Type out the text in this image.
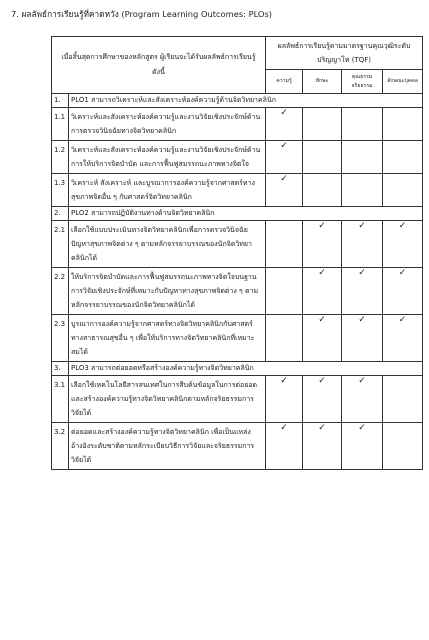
7. ผลลัพธ์การเรียนรู้ที่คาดหวัง (Program Learning Outcomes: PLOs)
เมื่อสิ้นสุดการศึกษาของหลักสูตร ผู้เรียนจะได้รับผลลัพธ์การเรียนรู้ ดังนี้		ผลลัพธ์การเรียนรู้ตามมาตรฐานคุณวุฒิระดับปริญญาโท (TQF)			
		ความรู้	ทักษะ	คุณธรรม จริยธรรม	ลักษณะบุคคล
1.	PLO1 สามารถวิเคราะห์และสังเคราะห์องค์ความรู้ด้านจิตวิทยาคลินิก				
1.1	วิเคราะห์และสังเคราะห์องค์ความรู้และงานวิจัยเชิงประจักษ์ด้านการตรวจวินิจฉัยทางจิตวิทยาคลินิก	✓			
1.2	วิเคราะห์และสังเคราะห์องค์ความรู้และงานวิจัยเชิงประจักษ์ด้านการให้บริการจิตบำบัด และการฟื้นฟูสมรรถนะภาพทางจิตใจ	✓			
1.3	วิเคราะห์ สังเคราะห์ และบูรณาการองค์ความรู้จากศาสตร์ทางสุขภาพจิตอื่น ๆ กับศาสตร์จิตวิทยาคลินิก	✓			
2.	PLO2 สามารถปฏิบัติงานทางด้านจิตวิทยาคลินิก				
2.1	เลือกใช้แบบประเมินทางจิตวิทยาคลินิกเพื่อการตรวจวินิจฉัยปัญหาสุขภาพจิตต่าง ๆ ตามหลักจรรยาบรรณของนักจิตวิทยาคลินิกได้		✓	✓	✓
2.2	ให้บริการจิตบำบัดและการฟื้นฟูสมรรถนะภาพทางจิตใจบนฐานการวิจัยเชิงประจักษ์ที่เหมาะกับปัญหาทางสุขภาพจิตต่าง ๆ ตามหลักจรรยาบรรณของนักจิตวิทยาคลินิกได้		✓	✓	✓
2.3	บูรณาการองค์ความรู้จากศาสตร์ทางจิตวิทยาคลินิกกับศาสตร์ทางสาธารณสุขอื่น ๆ เพื่อให้บริการทางจิตวิทยาคลินิกที่เหมาะสมได้		✓	✓	✓
3.	PLO3 สามารถต่อยอดหรือสร้างองค์ความรู้ทางจิตวิทยาคลินิก				
3.1	เลือกใช้เทคโนโลยีสารสนเทศในการสืบค้นข้อมูลในการต่อยอดและสร้างองค์ความรู้ทางจิตวิทยาคลินิกตามหลักจริยธรรมการวิจัยได้	✓	✓	✓	
3.2	ต่อยอดและสร้างองค์ความรู้ทางจิตวิทยาคลินิก เพื่อเป็นแหล่งอ้างอิงระดับชาติตามหลักระเบียบวิธีการวิจัยและจริยธรรมการวิจัยได้	✓	✓	✓	
